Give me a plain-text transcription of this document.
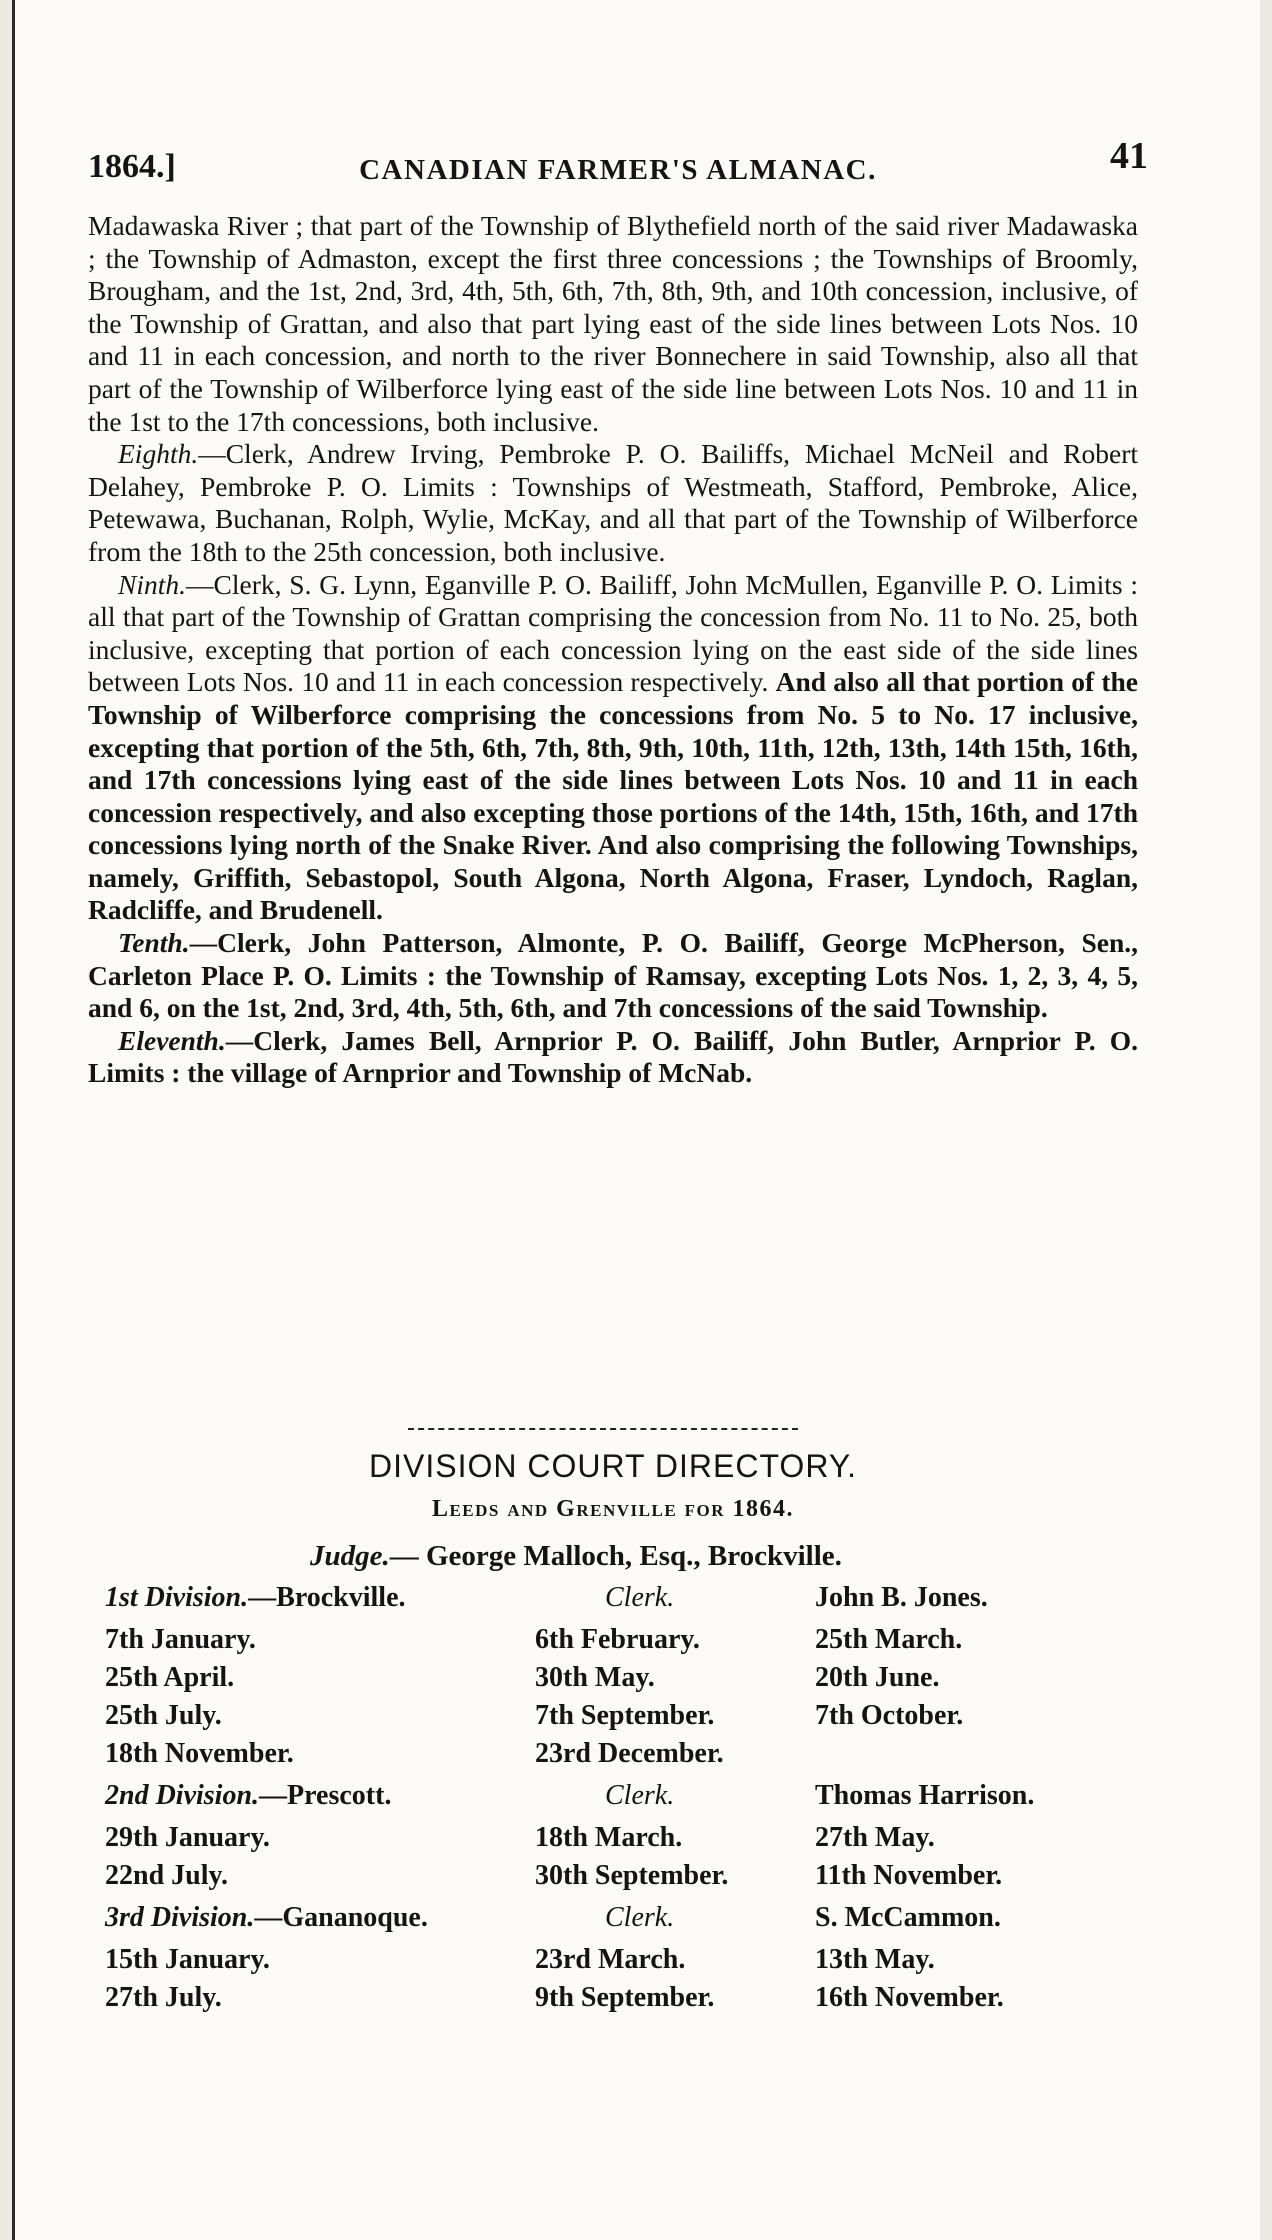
1864.]	CANADIAN FARMER'S ALMANAC.	41

Madawaska River ; that part of the Township of Blythefield north of the said river Madawaska ; the Township of Admaston, except the first three concessions ; the Townships of Broomly, Brougham, and the 1st, 2nd, 3rd, 4th, 5th, 6th, 7th, 8th, 9th, and 10th concession, inclusive, of the Township of Grattan, and also that part lying east of the side lines between Lots Nos. 10 and 11 in each concession, and north to the river Bonnechere in said Township, also all that part of the Township of Wilberforce lying east of the side line between Lots Nos. 10 and 11 in the 1st to the 17th concessions, both inclusive.

Eighth.—Clerk, Andrew Irving, Pembroke P. O. Bailiffs, Michael McNeil and Robert Delahey, Pembroke P. O. Limits : Townships of Westmeath, Stafford, Pembroke, Alice, Petewawa, Buchanan, Rolph, Wylie, McKay, and all that part of the Township of Wilberforce from the 18th to the 25th concession, both inclusive.

Ninth.—Clerk, S. G. Lynn, Eganville P. O. Bailiff, John McMullen, Eganville P. O. Limits : all that part of the Township of Grattan comprising the concession from No. 11 to No. 25, both inclusive, excepting that portion of each concession lying on the east side of the side lines between Lots Nos. 10 and 11 in each concession respectively. And also all that portion of the Township of Wilberforce comprising the concessions from No. 5 to No. 17 inclusive, excepting that portion of the 5th, 6th, 7th, 8th, 9th, 10th, 11th, 12th, 13th, 14th 15th, 16th, and 17th concessions lying east of the side lines between Lots Nos. 10 and 11 in each concession respectively, and also excepting those portions of the 14th, 15th, 16th, and 17th concessions lying north of the Snake River. And also comprising the following Townships, namely, Griffith, Sebastopol, South Algona, North Algona, Fraser, Lyndoch, Raglan, Radcliffe, and Brudenell.

Tenth.—Clerk, John Patterson, Almonte, P. O. Bailiff, George McPherson, Sen., Carleton Place P. O. Limits : the Township of Ramsay, excepting Lots Nos. 1, 2, 3, 4, 5, and 6, on the 1st, 2nd, 3rd, 4th, 5th, 6th, and 7th concessions of the said Township.

Eleventh.—Clerk, James Bell, Arnprior P. O. Bailiff, John Butler, Arnprior P. O. Limits : the village of Arnprior and Township of McNab.

DIVISION COURT DIRECTORY.
Leeds and Grenville for 1864.
Judge.— George Malloch, Esq., Brockville.
1st Division.—Brockville.	Clerk.	John B. Jones.
7th January.	6th February.	25th March.
25th April.	30th May.	20th June.
25th July.	7th September.	7th October.
18th November.	23rd December.
2nd Division.—Prescott.	Clerk.	Thomas Harrison.
29th January.	18th March.	27th May.
22nd July.	30th September.	11th November.
3rd Division.—Gananoque.	Clerk.	S. McCammon.
15th January.	23rd March.	13th May.
27th July.	9th September.	16th November.
